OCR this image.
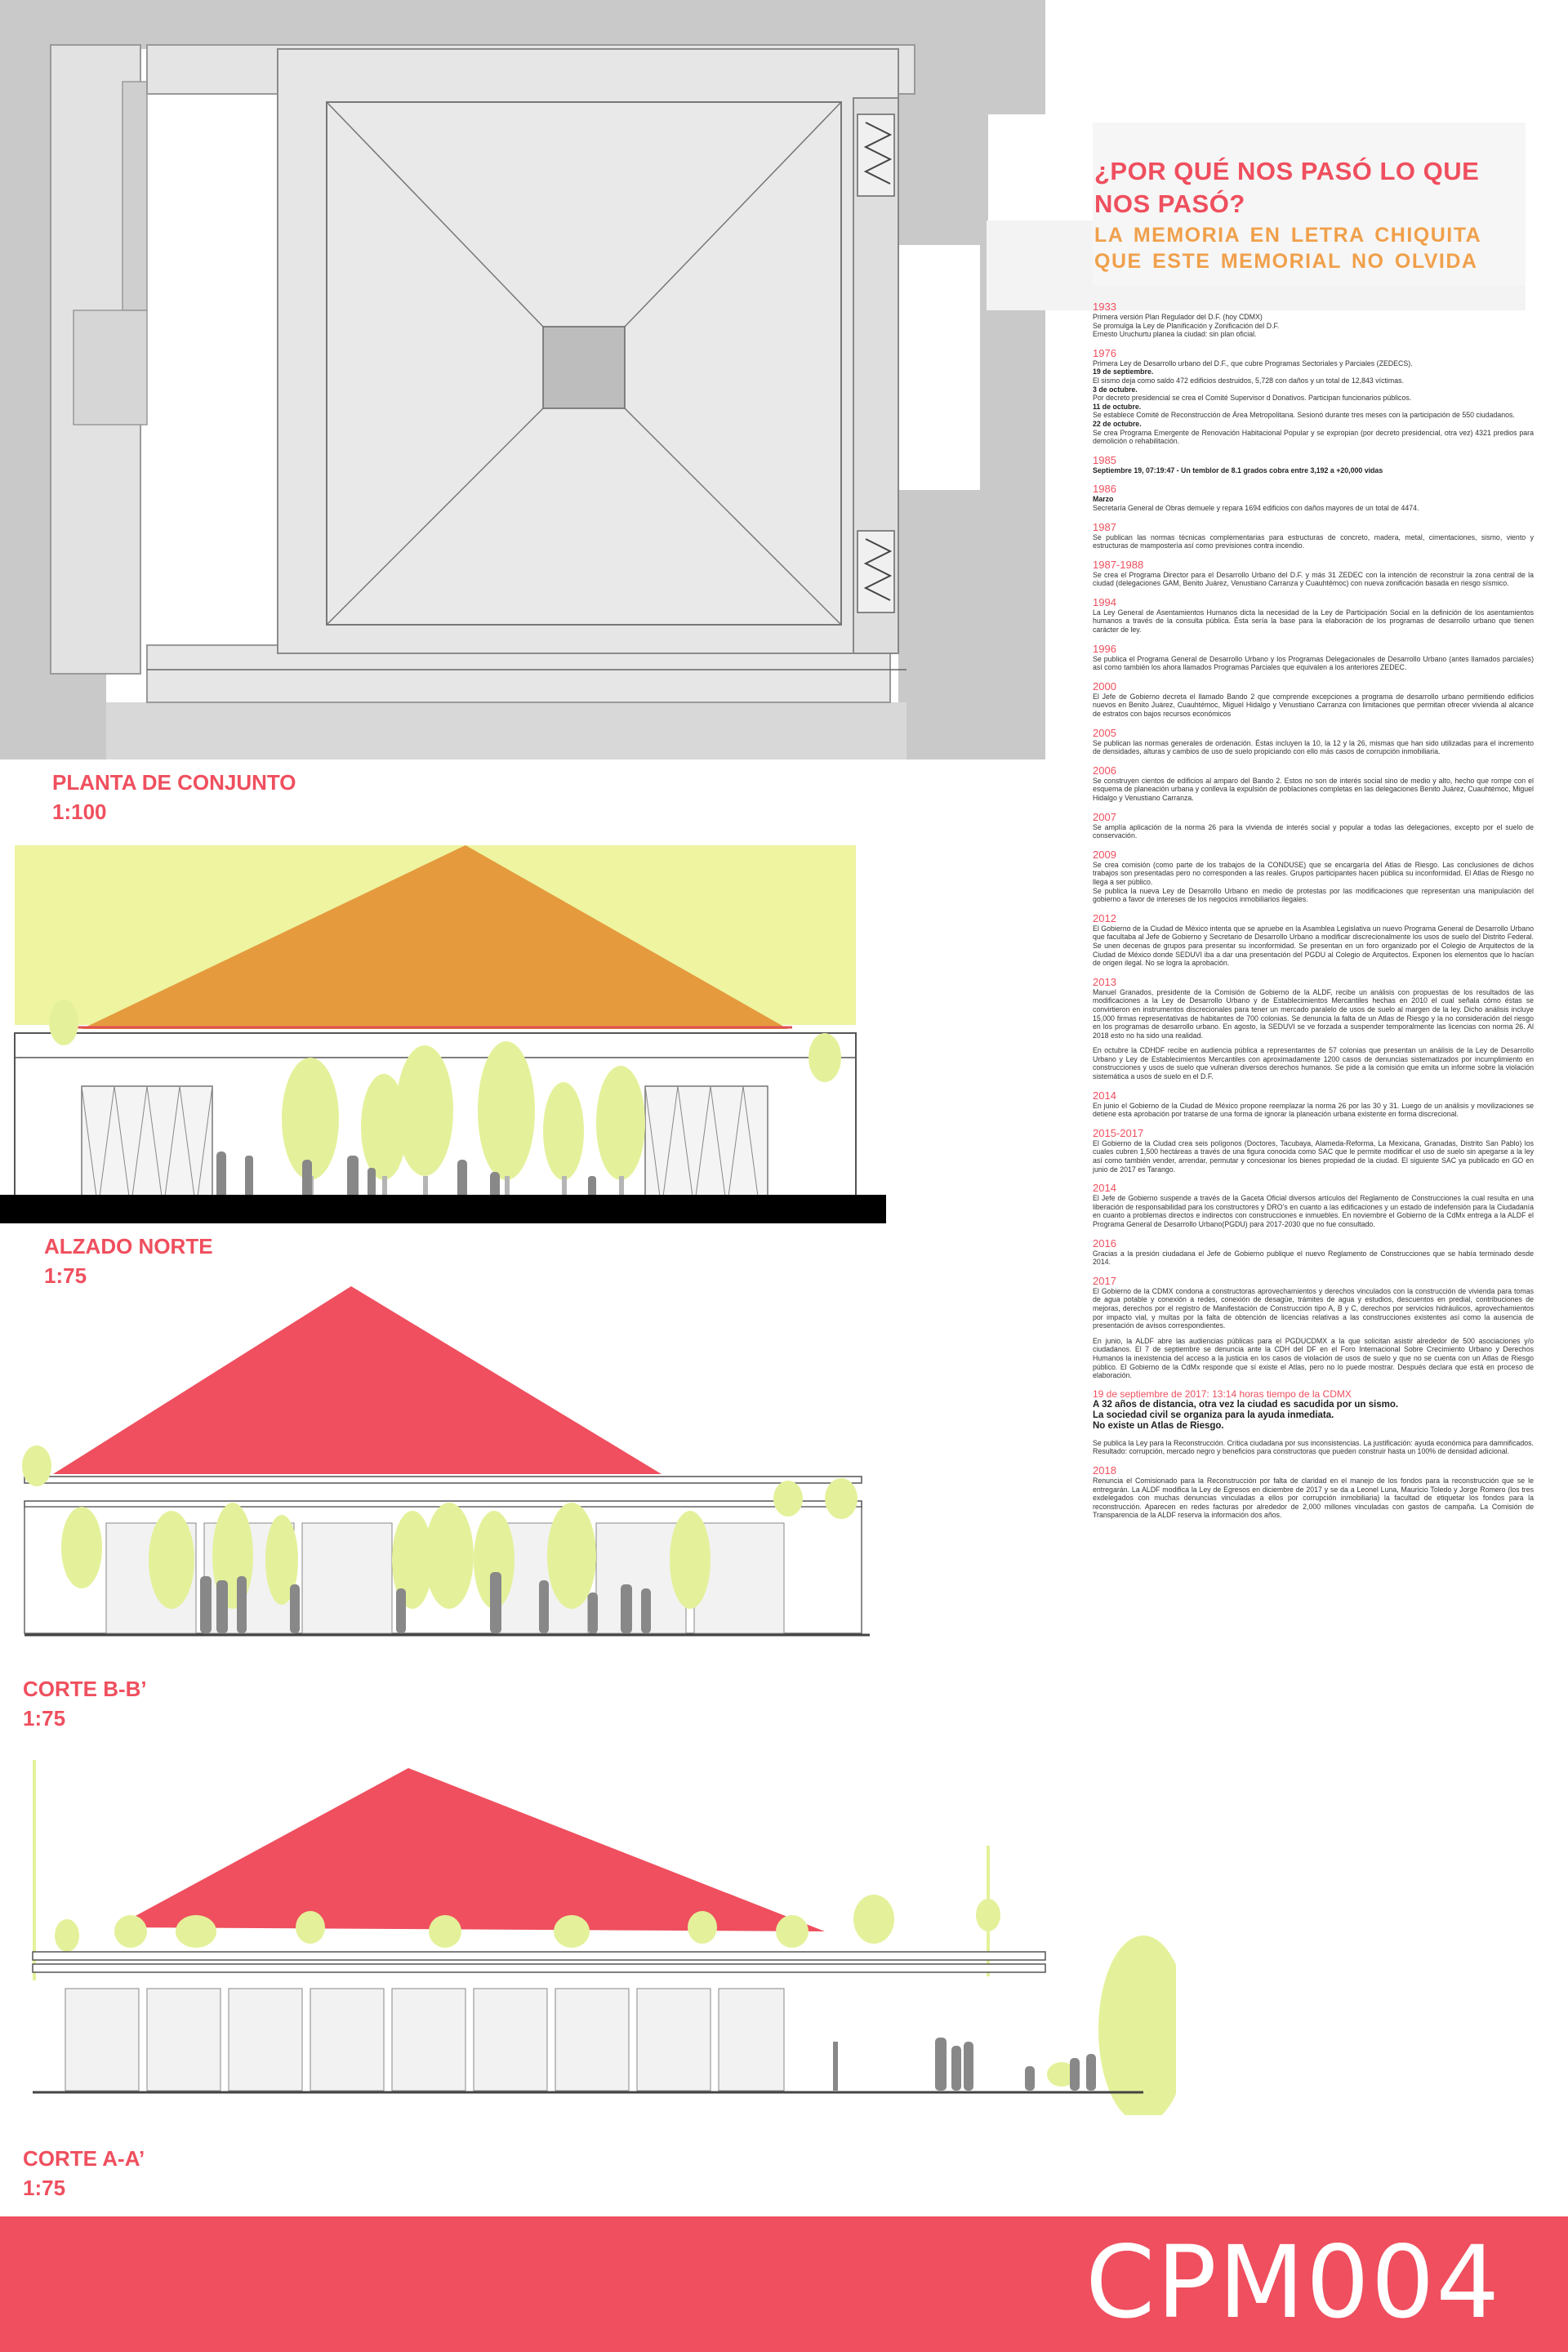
PLANTA DE CONJUNTO
1:100
ALZADO NORTE
1:75
CORTE B-B’
1:75
CORTE A-A’
1:75
¿POR QUÉ NOS PASÓ LO QUE NOS PASÓ?
LA MEMORIA EN LETRA CHIQUITA QUE ESTE MEMORIAL NO OLVIDA
1933
Primera versión Plan Regulador del D.F. (hoy CDMX)
Se promulga la Ley de Planificación y Zonificación del D.F.
Ernesto Uruchurtu planea la ciudad: sin plan oficial.
1976
Primera Ley de Desarrollo urbano del D.F., que cubre Programas Sectoriales y Parciales (ZEDECS).
19 de septiembre.
El sismo deja como saldo 472 edificios destruidos, 5,728 con daños y un total de 12,843 víctimas.
3 de octubre.
Por decreto presidencial se crea el Comité Supervisor d Donativos. Participan funcionarios públicos.
11 de octubre.
Se establece Comité de Reconstrucción de Área Metropolitana. Sesionó durante tres meses con la participación de 550 ciudadanos.
22 de octubre.
Se crea Programa Emergente de Renovación Habitacional Popular y se expropian (por decreto presidencial, otra vez) 4321 predios para demolición o rehabilitación.
1985
Septiembre 19, 07:19:47 - Un temblor de 8.1 grados cobra entre 3,192 a +20,000 vidas
1986
Marzo
Secretaría General de Obras demuele y repara 1694 edificios con daños mayores de un total de 4474.
1987
Se publican las normas técnicas complementarias para estructuras de concreto, madera, metal, cimentaciones, sismo, viento y estructuras de mampostería así como previsiones contra incendio.
1987-1988
Se crea el Programa Director para el Desarrollo Urbano del D.F. y más 31 ZEDEC con la intención de reconstruir la zona central de la ciudad (delegaciones GAM, Benito Juárez, Venustiano Carranza y Cuauhtémoc) con nueva zonificación basada en riesgo sísmico.
1994
La Ley General de Asentamientos Humanos dicta la necesidad de la Ley de Participación Social en la definición de los asentamientos humanos a través de la consulta pública. Ésta sería la base para la elaboración de los programas de desarrollo urbano que tienen carácter de ley.
1996
Se publica el Programa General de Desarrollo Urbano y los Programas Delegacionales de Desarrollo Urbano (antes llamados parciales) así como también los ahora llamados Programas Parciales que equivalen a los anteriores ZEDEC.
2000
El Jefe de Gobierno decreta el llamado Bando 2 que comprende excepciones a programa de desarrollo urbano permitiendo edificios nuevos en Benito Juárez, Cuauhtémoc, Miguel Hidalgo y Venustiano Carranza con limitaciones que permitan ofrecer vivienda al alcance de estratos con bajos recursos económicos
2005
Se publican las normas generales de ordenación. Éstas incluyen la 10, la 12 y la 26, mismas que han sido utilizadas para el incremento de densidades, alturas y cambios de uso de suelo propiciando con ello más casos de corrupción inmobiliaria.
2006
Se construyen cientos de edificios al amparo del Bando 2. Estos no son de interés social sino de medio y alto, hecho que rompe con el esquema de planeación urbana y conlleva la expulsión de poblaciones completas en las delegaciones Benito Juárez, Cuauhtémoc, Miguel Hidalgo y Venustiano Carranza.
2007
Se amplía aplicación de la norma 26 para la vivienda de interés social y popular a todas las delegaciones, excepto por el suelo de conservación.
2009
Se crea comisión (como parte de los trabajos de la CONDUSE) que se encargaría del Atlas de Riesgo. Las conclusiones de dichos trabajos son presentadas pero no corresponden a las reales. Grupos participantes hacen pública su inconformidad. El Atlas de Riesgo no llega a ser público.
Se publica la nueva Ley de Desarrollo Urbano en medio de protestas por las modificaciones que representan una manipulación del gobierno a favor de intereses de los negocios inmobiliarios ilegales.
2012
El Gobierno de la Ciudad de México intenta que se apruebe en la Asamblea Legislativa un nuevo Programa General de Desarrollo Urbano que facultaba al Jefe de Gobierno y Secretario de Desarrollo Urbano a modificar discrecionalmente los usos de suelo del Distrito Federal. Se unen decenas de grupos para presentar su inconformidad. Se presentan en un foro organizado por el Colegio de Arquitectos de la Ciudad de México donde SEDUVI iba a dar una presentación del PGDU al Colegio de Arquitectos. Exponen los elementos que lo hacían de origen ilegal. No se logra la aprobación.
2013
Manuel Granados, presidente de la Comisión de Gobierno de la ALDF, recibe un análisis con propuestas de los resultados de las modificaciones a la Ley de Desarrollo Urbano y de Establecimientos Mercantiles hechas en 2010 el cual señala cómo éstas se convirtieron en instrumentos discrecionales para tener un mercado paralelo de usos de suelo al margen de la ley. Dicho análisis incluye 15,000 firmas representativas de habitantes de 700 colonias. Se denuncia la falta de un Atlas de Riesgo y la no consideración del riesgo en los programas de desarrollo urbano. En agosto, la SEDUVI se ve forzada a suspender temporalmente las licencias con norma 26. Al 2018 esto no ha sido una realidad.
En octubre la CDHDF recibe en audiencia pública a representantes de 57 colonias que presentan un análisis de la Ley de Desarrollo Urbano y Ley de Establecimientos Mercantiles con aproximadamente 1200 casos de denuncias sistematizados por incumplimiento en construcciones y usos de suelo que vulneran diversos derechos humanos. Se pide a la comisión que emita un informe sobre la violación sistemática a usos de suelo en el D.F.
2014
En junio el Gobierno de la Ciudad de México propone reemplazar la norma 26 por las 30 y 31. Luego de un análisis y movilizaciones se detiene esta aprobación por tratarse de una forma de ignorar la planeación urbana existente en forma discrecional.
2015-2017
El Gobierno de la Ciudad crea seis polígonos (Doctores, Tacubaya, Alameda-Reforma, La Mexicana, Granadas, Distrito San Pablo) los cuales cubren 1,500 hectáreas a través de una figura conocida como SAC que le permite modificar el uso de suelo sin apegarse a la ley así como también vender, arrendar, permutar y concesionar los bienes propiedad de la ciudad. El siguiente SAC ya publicado en GO en junio de 2017 es Tarango.
2014
El Jefe de Gobierno suspende a través de la Gaceta Oficial diversos artículos del Reglamento de Construcciones la cual resulta en una liberación de responsabilidad para los constructores y DRO’s en cuanto a las edificaciones y un estado de indefensión para la Ciudadanía en cuanto a problemas directos e indirectos con construcciones e inmuebles. En noviembre el Gobierno de la CdMx entrega a la ALDF el Programa General de Desarrollo Urbano(PGDU) para 2017-2030 que no fue consultado.
2016
Gracias a la presión ciudadana el Jefe de Gobierno publique el nuevo Reglamento de Construcciones que se había terminado desde 2014.
2017
El Gobierno de la CDMX condona a constructoras aprovechamientos y derechos vinculados con la construcción de vivienda para tomas de agua potable y conexión a redes, conexión de desagüe, trámites de agua y estudios, descuentos en predial, contribuciones de mejoras, derechos por el registro de Manifestación de Construcción tipo A, B y C, derechos por servicios hidráulicos, aprovechamientos por impacto vial, y multas por la falta de obtención de licencias relativas a las construcciones existentes así como la ausencia de presentación de avisos correspondientes.
En junio, la ALDF abre las audiencias públicas para el PGDUCDMX a la que solicitan asistir alrededor de 500 asociaciones y/o ciudadanos. El 7 de septiembre se denuncia ante la CDH del DF en el Foro Internacional Sobre Crecimiento Urbano y Derechos Humanos la inexistencia del acceso a la justicia en los casos de violación de usos de suelo y que no se cuenta con un Atlas de Riesgo público. El Gobierno de la CdMx responde que sí existe el Atlas, pero no lo puede mostrar. Después declara que está en proceso de elaboración.
19 de septiembre de 2017: 13:14 horas tiempo de la CDMX
A 32 años de distancia, otra vez la ciudad es sacudida por un sismo.
La sociedad civil se organiza para la ayuda inmediata.
No existe un Atlas de Riesgo.
Se publica la Ley para la Reconstrucción. Crítica ciudadana por sus inconsistencias. La justificación: ayuda económica para damnificados. Resultado: corrupción, mercado negro y beneficios para constructoras que pueden construir hasta un 100% de densidad adicional.
2018
Renuncia el Comisionado para la Reconstrucción por falta de claridad en el manejo de los fondos para la reconstrucción que se le entregarán. La ALDF modifica la Ley de Egresos en diciembre de 2017 y se da a Leonel Luna, Mauricio Toledo y Jorge Romero (los tres exdelegados con muchas denuncias vinculadas a ellos por corrupción inmobiliaria) la facultad de etiquetar los fondos para la reconstrucción. Aparecen en redes facturas por alrededor de 2,000 millones vinculadas con gastos de campaña. La Comisión de Transparencia de la ALDF reserva la información dos años.
CPM004
